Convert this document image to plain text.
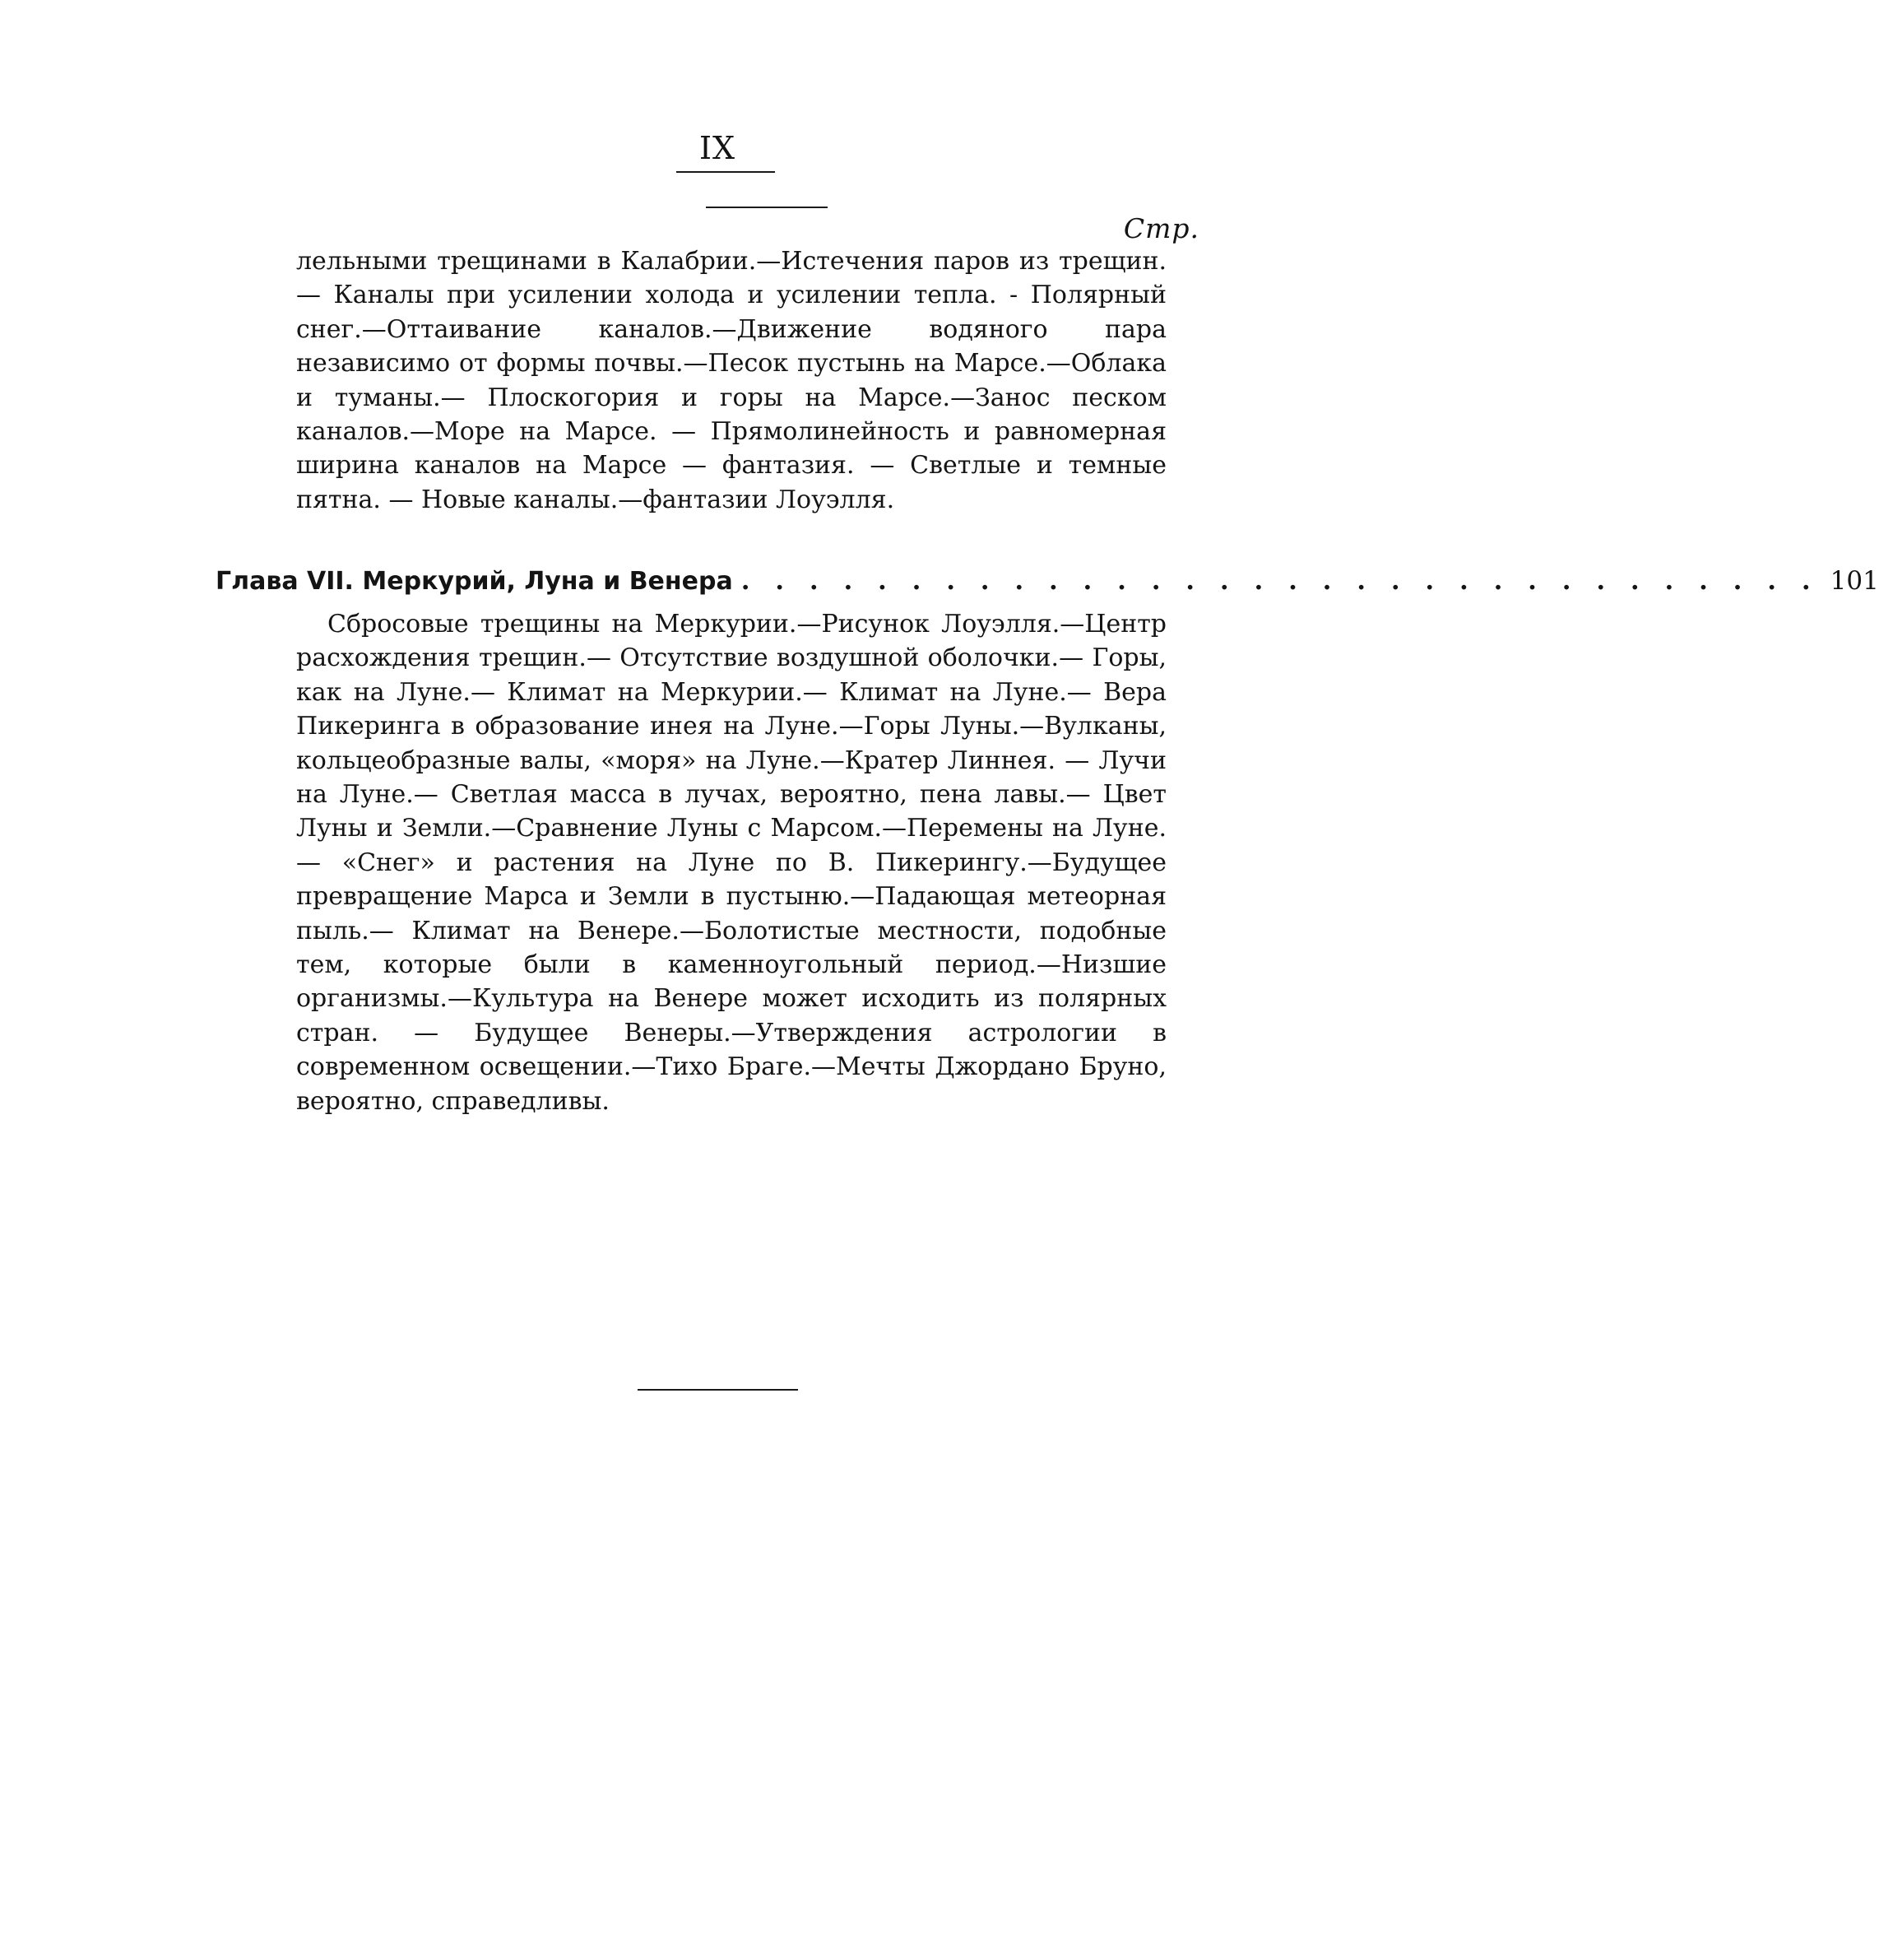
IX
Стр.

лельными трещинами в Калабрии.—Истечения паров из трещин.— Каналы при усилении холода и усилении тепла. - Полярный снег.—Оттаивание каналов.—Движение водяного пара независимо от формы почвы.—Песок пустынь на Марсе.—Облака и туманы.— Плоскогория и горы на Марсе.—Занос песком каналов.—Море на Марсе. — Прямолинейность и равномерная ширина каналов на Марсе — фантазия. — Светлые и темные пятна. — Новые каналы.—фантазии Лоуэлля.

Глава VII. Меркурий, Луна и Венера . . . . . . . . . . . . . . . . . . . . . . . . . . . . . . . . 101

Сбросовые трещины на Меркурии.—Рисунок Лоуэлля.—Центр расхождения трещин.— Отсутствие воздушной оболочки.— Горы, как на Луне.— Климат на Меркурии.— Климат на Луне.— Вера Пикеринга в образование инея на Луне.—Горы Луны.—Вулканы, кольцеобразные валы, «моря» на Луне.—Кратер Линнея. — Лучи на Луне.— Светлая масса в лучах, вероятно, пена лавы.— Цвет Луны и Земли.—Сравнение Луны с Марсом.—Перемены на Луне.— «Снег» и растения на Луне по В. Пикерингу.—Будущее превращение Марса и Земли в пустыню.—Падающая метеорная пыль.— Климат на Венере.—Болотистые местности, подобные тем, которые были в каменноугольный период.—Низшие организмы.—Культура на Венере может исходить из полярных стран. — Будущее Венеры.—Утверждения астрологии в современном освещении.—Тихо Браге.—Мечты Джордано Бруно, вероятно, справедливы.
